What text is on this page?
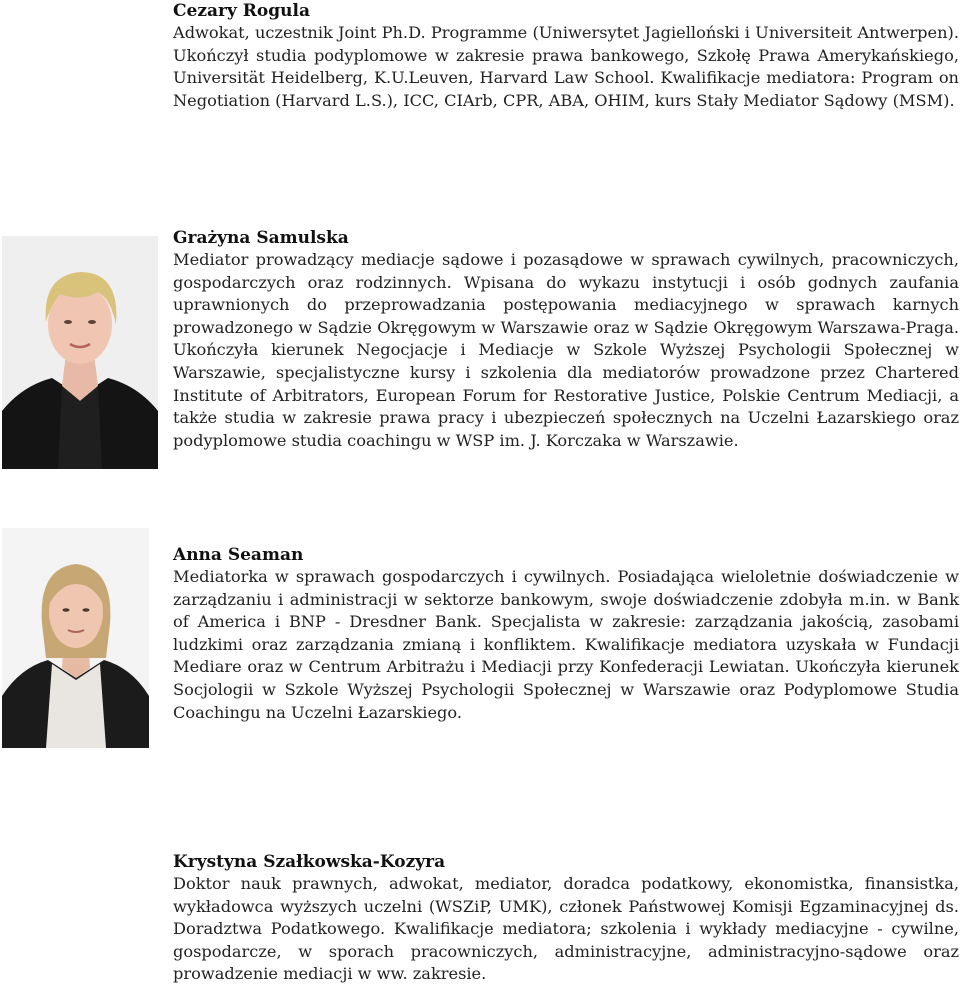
Cezary Rogula

Adwokat, uczestnik Joint Ph.D. Programme (Uniwersytet Jagielloński i Universiteit Antwerpen). Ukończył studia podyplomowe w zakresie prawa bankowego, Szkołę Prawa Amerykańskiego, Universität Heidelberg, K.U.Leuven, Harvard Law School. Kwalifikacje mediatora: Program on Negotiation (Harvard L.S.), ICC, CIArb, CPR, ABA, OHIM, kurs Stały Mediator Sądowy (MSM).

Grażyna Samulska

Mediator prowadzący mediacje sądowe i pozasądowe w sprawach cywilnych, pracowniczych, gospodarczych oraz rodzinnych. Wpisana do wykazu instytucji i osób godnych zaufania uprawnionych do przeprowadzania postępowania mediacyjnego w sprawach karnych prowadzonego w Sądzie Okręgowym w Warszawie oraz w Sądzie Okręgowym Warszawa-Praga. Ukończyła kierunek Negocjacje i Mediacje w Szkole Wyższej Psychologii Społecznej w Warszawie, specjalistyczne kursy i szkolenia dla mediatorów prowadzone przez Chartered Institute of Arbitrators, European Forum for Restorative Justice, Polskie Centrum Mediacji, a także studia w zakresie prawa pracy i ubezpieczeń społecznych na Uczelni Łazarskiego oraz podyplomowe studia coachingu w WSP im. J. Korczaka w Warszawie.

Anna Seaman

Mediatorka w sprawach gospodarczych i cywilnych. Posiadająca wieloletnie doświadczenie w zarządzaniu i administracji w sektorze bankowym, swoje doświadczenie zdobyła m.in. w Bank of America i BNP - Dresdner Bank. Specjalista w zakresie: zarządzania jakością, zasobami ludzkimi oraz zarządzania zmianą i konfliktem. Kwalifikacje mediatora uzyskała w Fundacji Mediare oraz w Centrum Arbitrażu i Mediacji przy Konfederacji Lewiatan. Ukończyła kierunek Socjologii w Szkole Wyższej Psychologii Społecznej w Warszawie oraz Podyplomowe Studia Coachingu na Uczelni Łazarskiego.

Krystyna Szałkowska-Kozyra

Doktor nauk prawnych, adwokat, mediator, doradca podatkowy, ekonomistka, finansistka, wykładowca wyższych uczelni (WSZiP, UMK), członek Państwowej Komisji Egzaminacyjnej ds. Doradztwa Podatkowego. Kwalifikacje mediatora; szkolenia i wykłady mediacyjne - cywilne, gospodarcze, w sporach pracowniczych, administracyjne, administracyjno-sądowe oraz prowadzenie mediacji w ww. zakresie.
